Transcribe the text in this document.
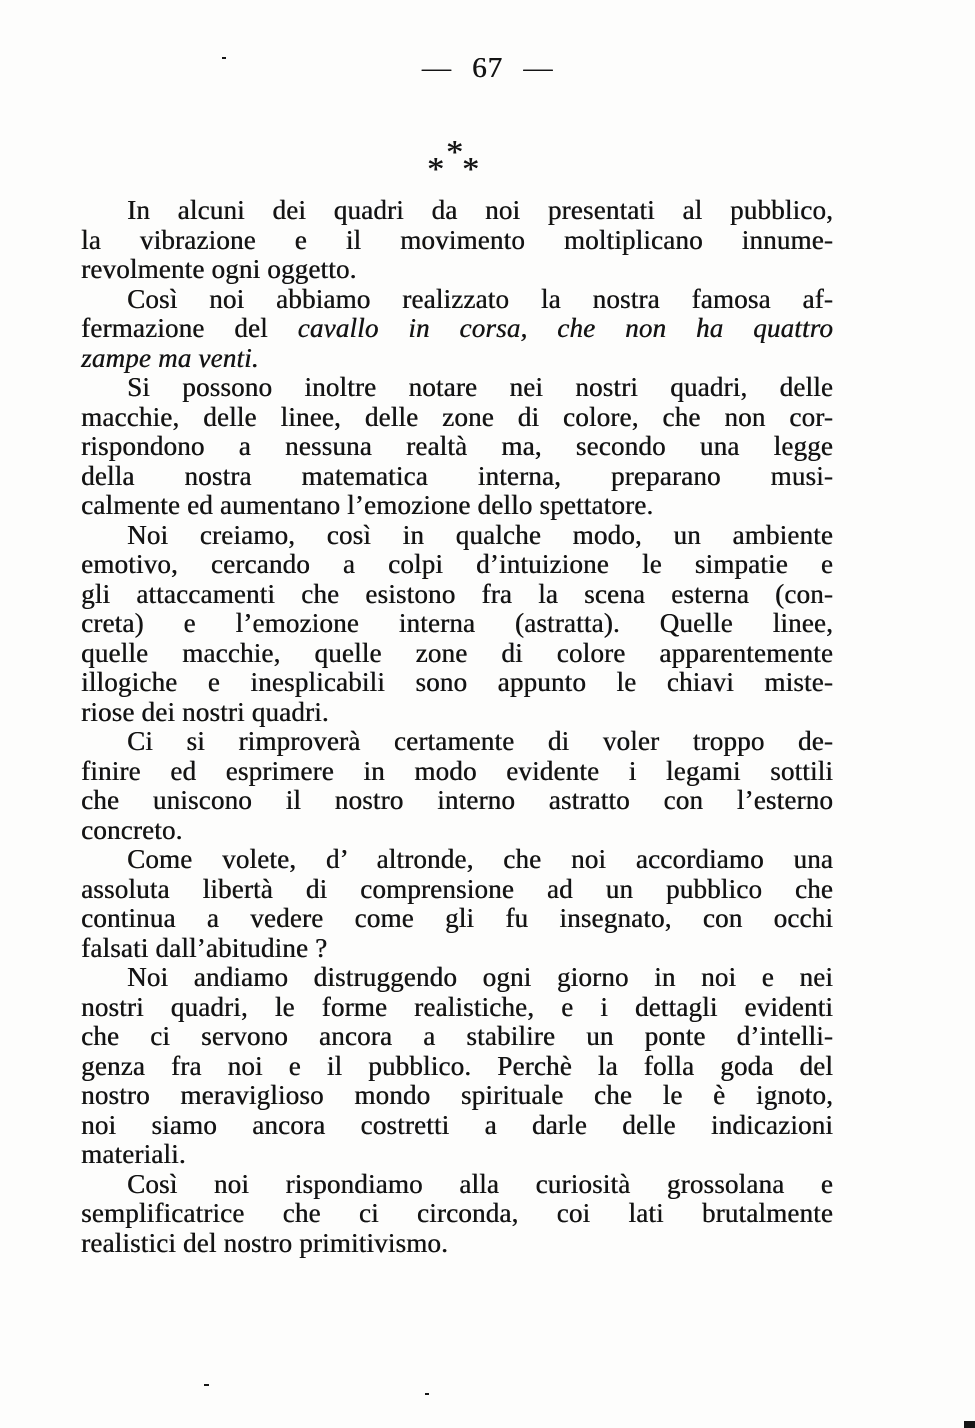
— 67 —
*
* *
In alcuni dei quadri da noi presentati al pubblico,
la vibrazione e il movimento moltiplicano innume-
revolmente ogni oggetto.
Così noi abbiamo realizzato la nostra famosa af-
fermazione del cavallo in corsa, che non ha quattro
zampe ma venti.
Si possono inoltre notare nei nostri quadri, delle
macchie, delle linee, delle zone di colore, che non cor-
rispondono a nessuna realtà ma, secondo una legge
della nostra matematica interna, preparano musi-
calmente ed aumentano l’emozione dello spettatore.
Noi creiamo, così in qualche modo, un ambiente
emotivo, cercando a colpi d’intuizione le simpatie e
gli attaccamenti che esistono fra la scena esterna (con-
creta) e l’emozione interna (astratta). Quelle linee,
quelle macchie, quelle zone di colore apparentemente
illogiche e inesplicabili sono appunto le chiavi miste-
riose dei nostri quadri.
Ci si rimproverà certamente di voler troppo de-
finire ed esprimere in modo evidente i legami sottili
che uniscono il nostro interno astratto con l’esterno
concreto.
Come volete, d’ altronde, che noi accordiamo una
assoluta libertà di comprensione ad un pubblico che
continua a vedere come gli fu insegnato, con occhi
falsati dall’abitudine ?
Noi andiamo distruggendo ogni giorno in noi e nei
nostri quadri, le forme realistiche, e i dettagli evidenti
che ci servono ancora a stabilire un ponte d’intelli-
genza fra noi e il pubblico. Perchè la folla goda del
nostro meraviglioso mondo spirituale che le è ignoto,
noi siamo ancora costretti a darle delle indicazioni
materiali.
Così noi rispondiamo alla curiosità grossolana e
semplificatrice che ci circonda, coi lati brutalmente
realistici del nostro primitivismo.
